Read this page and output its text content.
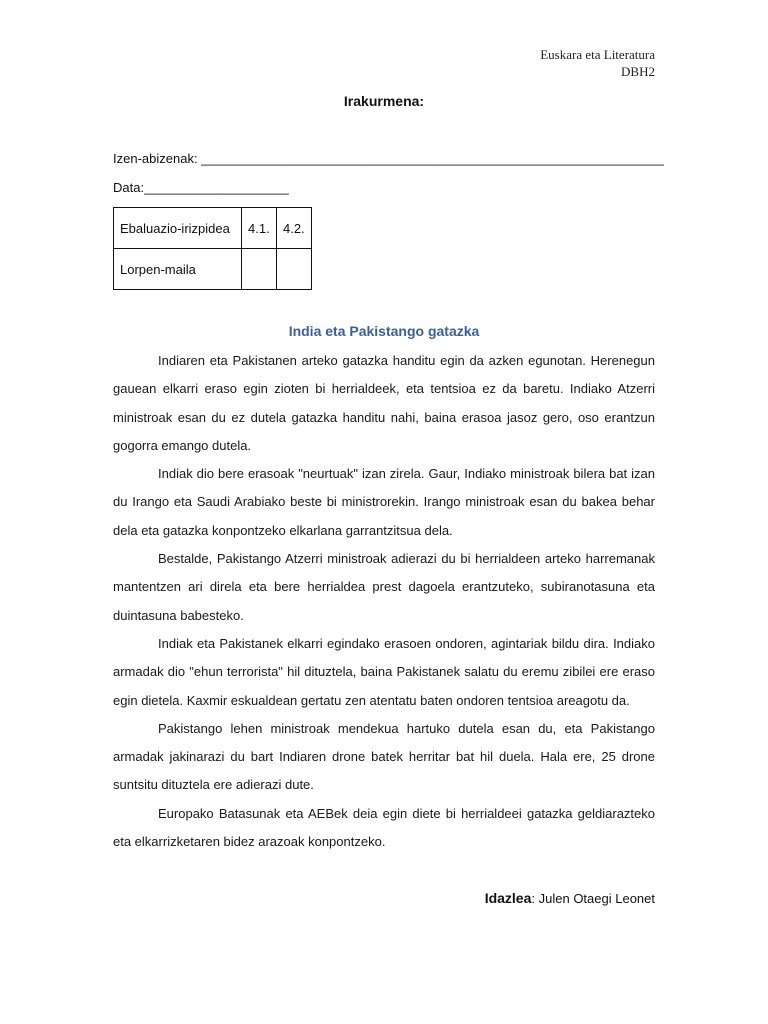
Euskara eta Literatura
DBH2
Irakurmena:
Izen-abizenak: ________________________________________________________________
Data:____________________
Ebaluazio-irizpidea	4.1.	4.2.
Lorpen-maila		
India eta Pakistango gatazka

Indiaren eta Pakistanen arteko gatazka handitu egin da azken egunotan. Herenegun gauean elkarri eraso egin zioten bi herrialdeek, eta tentsioa ez da baretu. Indiako Atzerri ministroak esan du ez dutela gatazka handitu nahi, baina erasoa jasoz gero, oso erantzun gogorra emango dutela.

Indiak dio bere erasoak "neurtuak" izan zirela. Gaur, Indiako ministroak bilera bat izan du Irango eta Saudi Arabiako beste bi ministrorekin. Irango ministroak esan du bakea behar dela eta gatazka konpontzeko elkarlana garrantzitsua dela.

Bestalde, Pakistango Atzerri ministroak adierazi du bi herrialdeen arteko harremanak mantentzen ari direla eta bere herrialdea prest dagoela erantzuteko, subiranotasuna eta duintasuna babesteko.

Indiak eta Pakistanek elkarri egindako erasoen ondoren, agintariak bildu dira. Indiako armadak dio "ehun terrorista" hil dituztela, baina Pakistanek salatu du eremu zibilei ere eraso egin dietela. Kaxmir eskualdean gertatu zen atentatu baten ondoren tentsioa areagotu da.

Pakistango lehen ministroak mendekua hartuko dutela esan du, eta Pakistango armadak jakinarazi du bart Indiaren drone batek herritar bat hil duela. Hala ere, 25 drone suntsitu dituztela ere adierazi dute.

Europako Batasunak eta AEBek deia egin diete bi herrialdeei gatazka geldiarazteko eta elkarrizketaren bidez arazoak konpontzeko.

Idazlea: Julen Otaegi Leonet
